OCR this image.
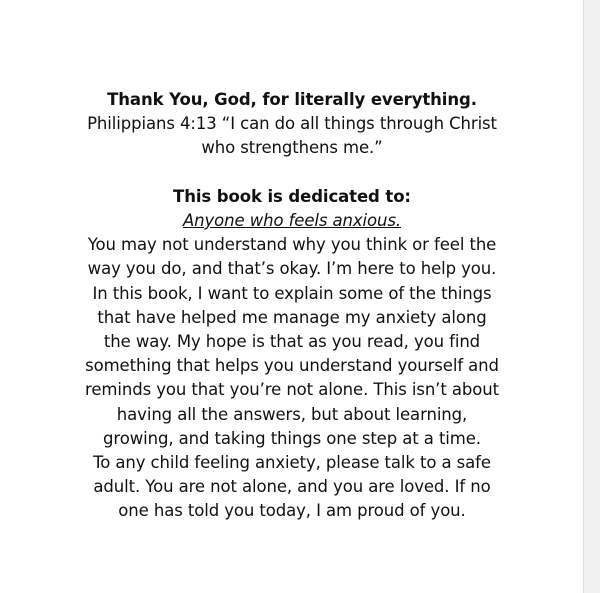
Thank You, God, for literally everything.
Philippians 4:13 “I can do all things through Christ
who strengthens me.”
This book is dedicated to:
Anyone who feels anxious.
You may not understand why you think or feel the
way you do, and that’s okay. I’m here to help you.
In this book, I want to explain some of the things
that have helped me manage my anxiety along
the way. My hope is that as you read, you find
something that helps you understand yourself and
reminds you that you’re not alone. This isn’t about
having all the answers, but about learning,
growing, and taking things one step at a time.
To any child feeling anxiety, please talk to a safe
adult. You are not alone, and you are loved. If no
one has told you today, I am proud of you.
